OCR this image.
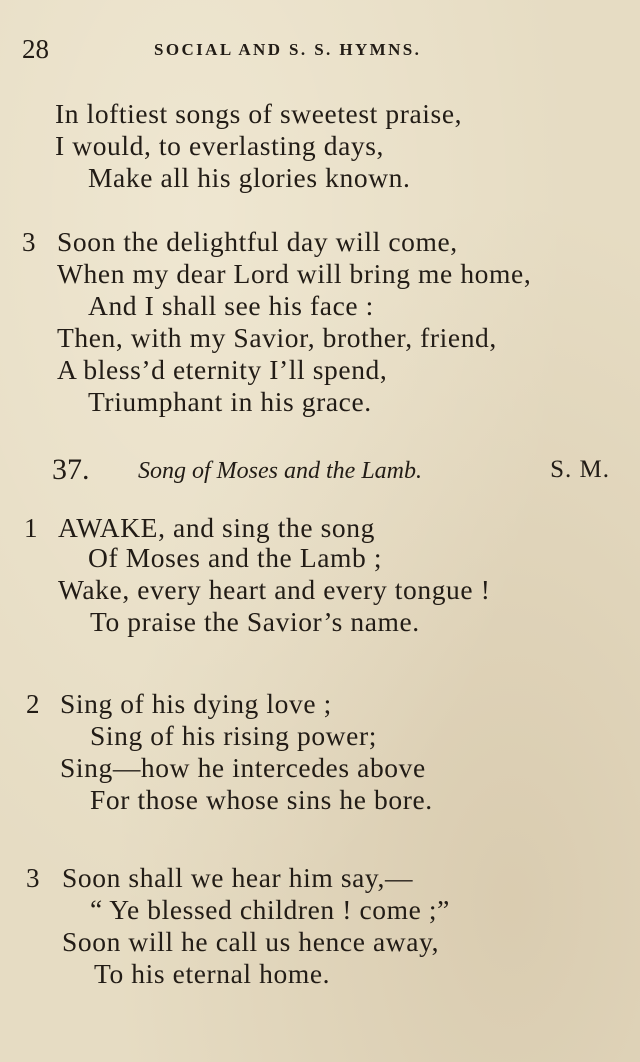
28	SOCIAL AND S. S. HYMNS.
In loftiest songs of sweetest praise,
I would, to everlasting days,
Make all his glories known.
3 Soon the delightful day will come,
When my dear Lord will bring me home,
And I shall see his face :
Then, with my Savior, brother, friend,
A bless’d eternity I’ll spend,
Triumphant in his grace.
37. Song of Moses and the Lamb.	S. M.
1 AWAKE, and sing the song
Of Moses and the Lamb ;
Wake, every heart and every tongue !
To praise the Savior’s name.
2 Sing of his dying love ;
Sing of his rising power;
Sing—how he intercedes above
For those whose sins he bore.
3 Soon shall we hear him say,—
“ Ye blessed children ! come ;”
Soon will he call us hence away,
To his eternal home.
